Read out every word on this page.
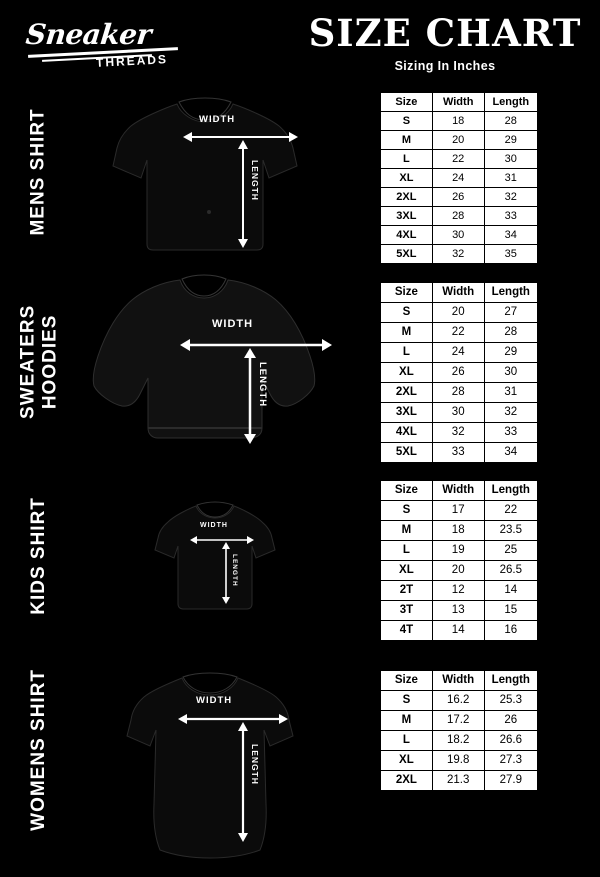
Sneaker
THREADS
SIZE CHART
Sizing In Inches
MENS SHIRT	WIDTH
LENGTH
Size	Width	Length
S	18	28
M	20	29
L	22	30
XL	24	31
2XL	26	32
3XL	28	33
4XL	30	34
5XL	32	35
SWEATERS
HOODIES	WIDTH
LENGTH
Size	Width	Length
S	20	27
M	22	28
L	24	29
XL	26	30
2XL	28	31
3XL	30	32
4XL	32	33
5XL	33	34
KIDS SHIRT	WIDTH
LENGTH
Size	Width	Length
S	17	22
M	18	23.5
L	19	25
XL	20	26.5
2T	12	14
3T	13	15
4T	14	16
WOMENS SHIRT	WIDTH
LENGTH
Size	Width	Length
S	16.2	25.3
M	17.2	26
L	18.2	26.6
XL	19.8	27.3
2XL	21.3	27.9
